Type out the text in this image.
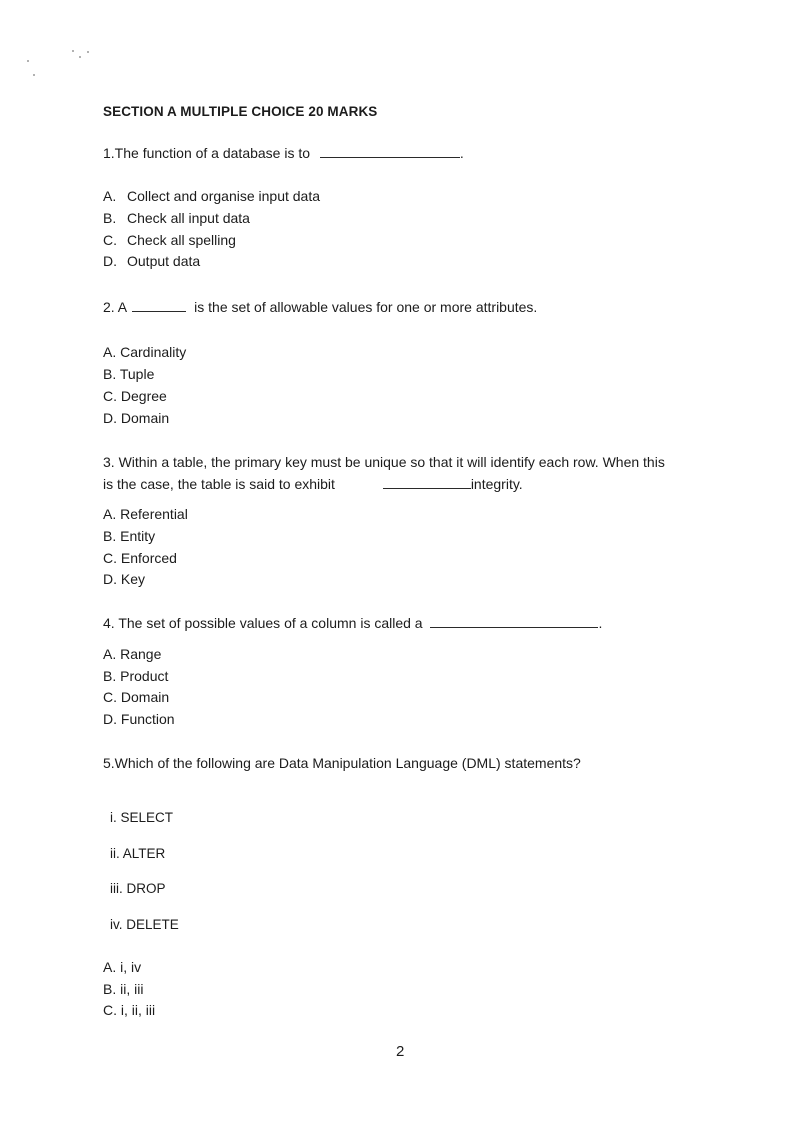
SECTION A MULTIPLE CHOICE 20 MARKS
1.The function of a database is to	.
A. Collect and organise input data
B. Check all input data
C. Check all spelling
D. Output data
2. A	is the set of allowable values for one or more attributes.
A. Cardinality
B. Tuple
C. Degree
D. Domain
3. Within a table, the primary key must be unique so that it will identify each row. When this
is the case, the table is said to exhibit	integrity.
A. Referential
B. Entity
C. Enforced
D. Key
4. The set of possible values of a column is called a	.
A. Range
B. Product
C. Domain
D. Function
5.Which of the following are Data Manipulation Language (DML) statements?
i. SELECT
ii. ALTER
iii. DROP
iv. DELETE
A. i, iv
B. ii, iii
C. i, ii, iii
2
